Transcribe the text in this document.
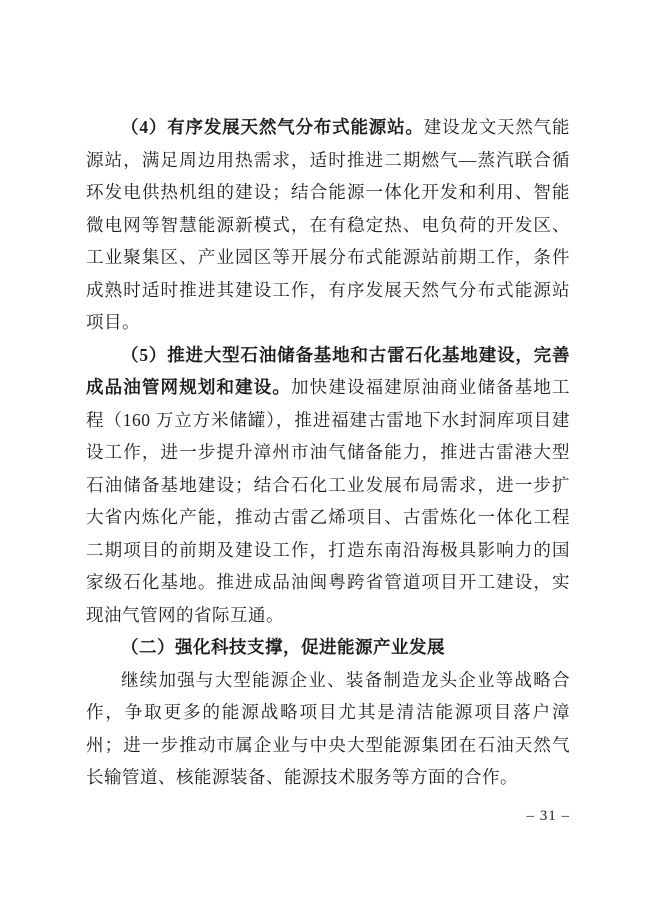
（4）有序发展天然气分布式能源站。建设龙文天然气能源站，满足周边用热需求，适时推进二期燃气—蒸汽联合循环发电供热机组的建设；结合能源一体化开发和利用、智能微电网等智慧能源新模式，在有稳定热、电负荷的开发区、工业聚集区、产业园区等开展分布式能源站前期工作，条件成熟时适时推进其建设工作，有序发展天然气分布式能源站项目。

（5）推进大型石油储备基地和古雷石化基地建设，完善成品油管网规划和建设。加快建设福建原油商业储备基地工程（160 万立方米储罐），推进福建古雷地下水封洞库项目建设工作，进一步提升漳州市油气储备能力，推进古雷港大型石油储备基地建设；结合石化工业发展布局需求，进一步扩大省内炼化产能，推动古雷乙烯项目、古雷炼化一体化工程二期项目的前期及建设工作，打造东南沿海极具影响力的国家级石化基地。推进成品油闽粤跨省管道项目开工建设，实现油气管网的省际互通。

（二）强化科技支撑，促进能源产业发展

继续加强与大型能源企业、装备制造龙头企业等战略合作，争取更多的能源战略项目尤其是清洁能源项目落户漳州；进一步推动市属企业与中央大型能源集团在石油天然气长输管道、核能源装备、能源技术服务等方面的合作。

– 31 –
